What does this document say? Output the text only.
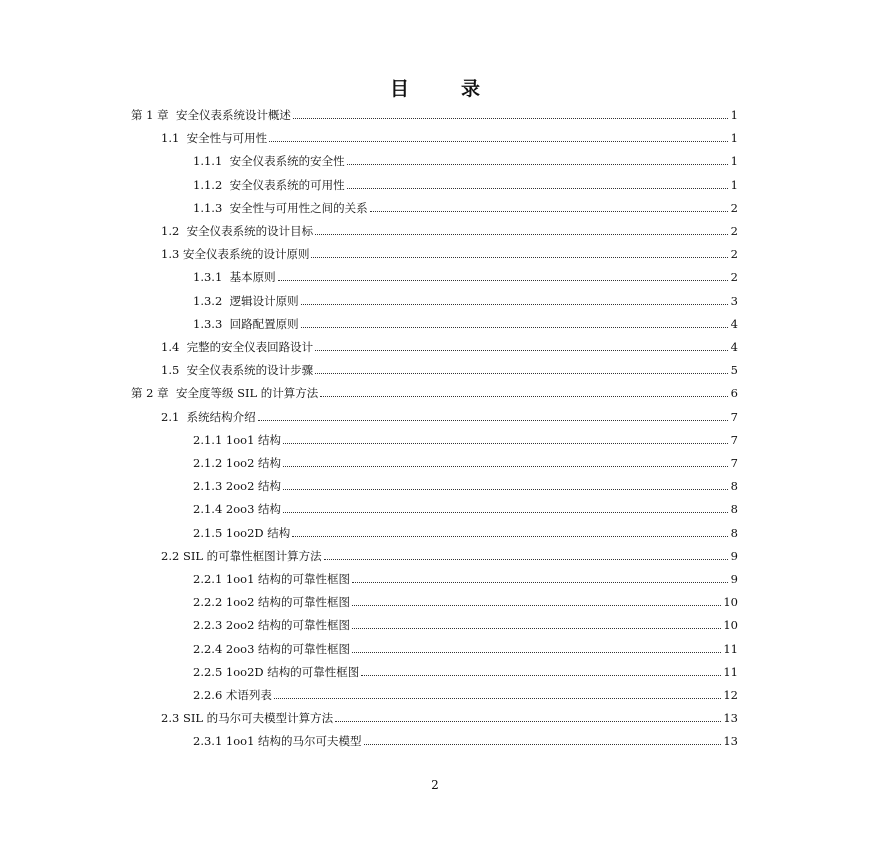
目	录
第 1 章  安全仪表系统设计概述	1
1.1  安全性与可用性	1
1.1.1  安全仪表系统的安全性	1
1.1.2  安全仪表系统的可用性	1
1.1.3  安全性与可用性之间的关系	2
1.2  安全仪表系统的设计目标	2
1.3 安全仪表系统的设计原则	2
1.3.1  基本原则	2
1.3.2  逻辑设计原则	3
1.3.3  回路配置原则	4
1.4  完整的安全仪表回路设计	4
1.5  安全仪表系统的设计步骤	5
第 2 章  安全度等级 SIL 的计算方法	6
2.1  系统结构介绍	7
2.1.1 1oo1 结构	7
2.1.2 1oo2 结构	7
2.1.3 2oo2 结构	8
2.1.4 2oo3 结构	8
2.1.5 1oo2D 结构	8
2.2 SIL 的可靠性框图计算方法	9
2.2.1 1oo1 结构的可靠性框图	9
2.2.2 1oo2 结构的可靠性框图	10
2.2.3 2oo2 结构的可靠性框图	10
2.2.4 2oo3 结构的可靠性框图	11
2.2.5 1oo2D 结构的可靠性框图	11
2.2.6 术语列表	12
2.3 SIL 的马尔可夫模型计算方法	13
2.3.1 1oo1 结构的马尔可夫模型	13
2
